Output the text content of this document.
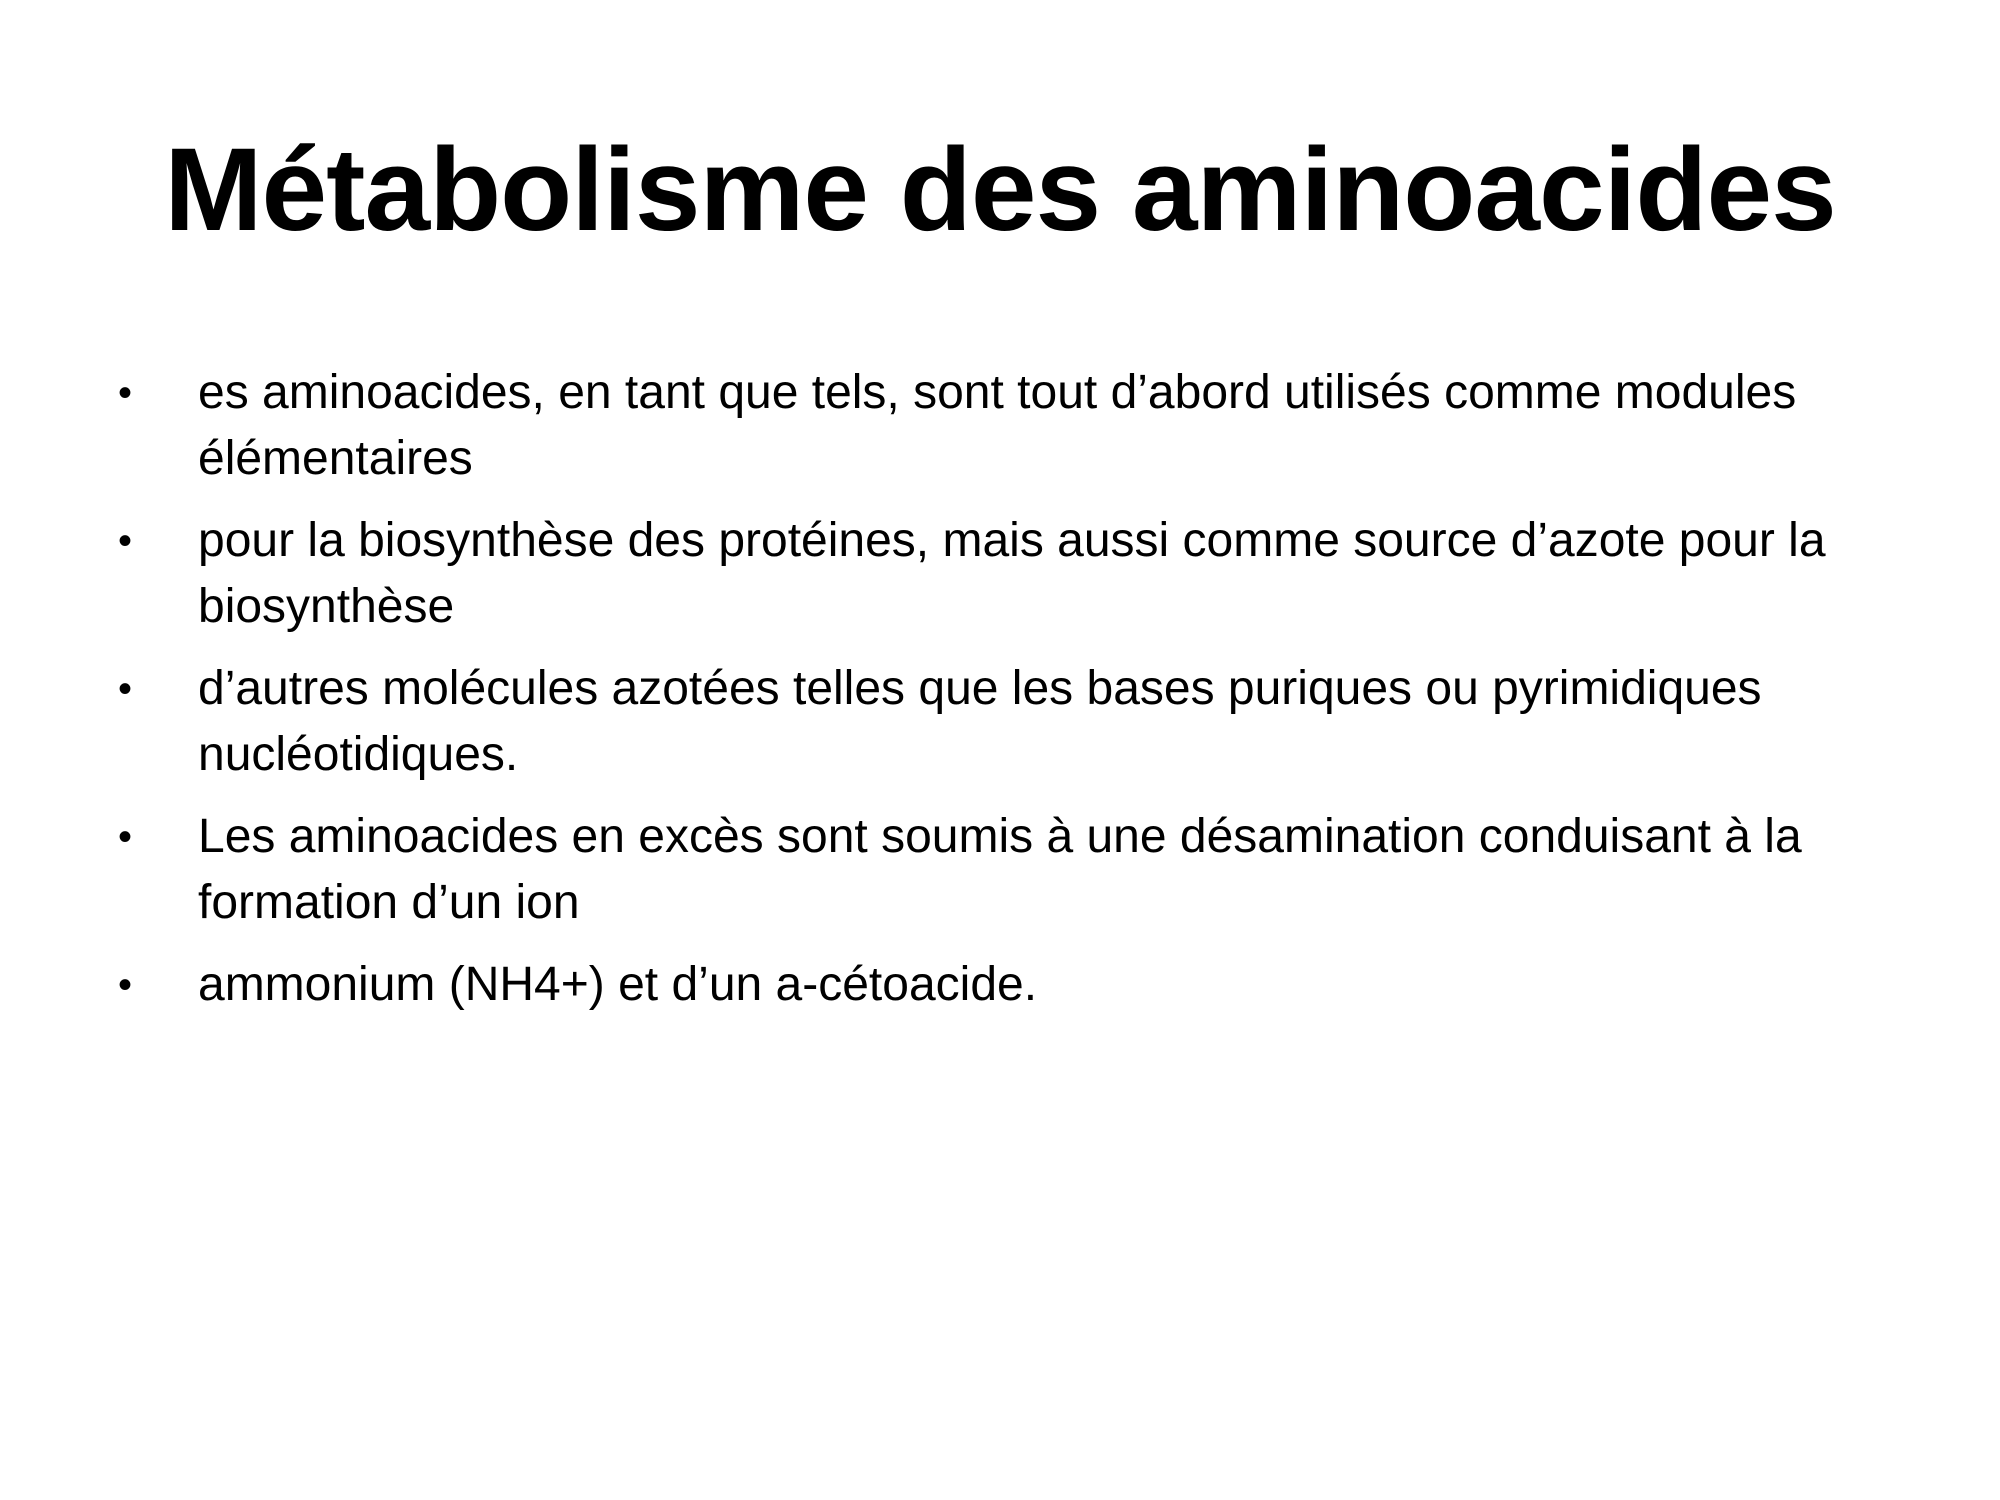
Métabolisme des aminoacides
•	es aminoacides, en tant que tels, sont tout d’abord utilisés comme modules élémentaires
•	pour la biosynthèse des protéines, mais aussi comme source d’azote pour la biosynthèse
•	d’autres molécules azotées telles que les bases puriques ou pyrimidiques nucléotidiques.
•	Les aminoacides en excès sont soumis à une désamination conduisant à la formation d’un ion
•	ammonium (NH4+) et d’un a-cétoacide.
